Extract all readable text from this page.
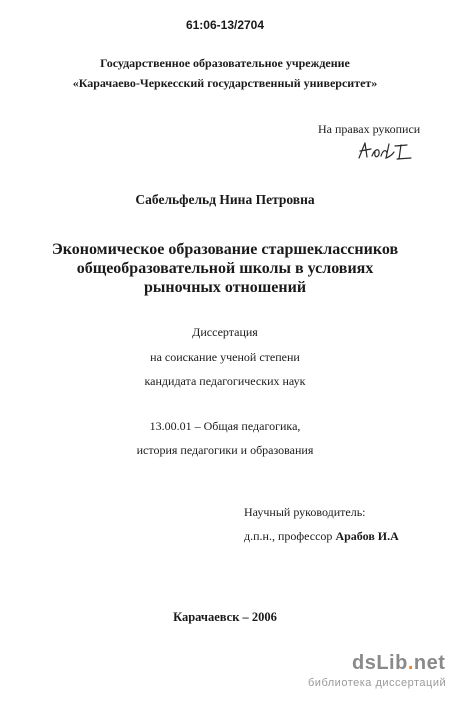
61:06-13/2704
Государственное образовательное учреждение
«Карачаево-Черкесский государственный университет»
На правах рукописи
Сабельфельд Нина Петровна
Экономическое образование старшеклассников
общеобразовательной школы в условиях
рыночных отношений
Диссертация
на соискание ученой степени
кандидата педагогических наук
13.00.01 – Общая педагогика,
история педагогики и образования
Научный руководитель:
д.п.н., профессор Арабов И.А
Карачаевск – 2006
dsLib.net
библиотека диссертаций
